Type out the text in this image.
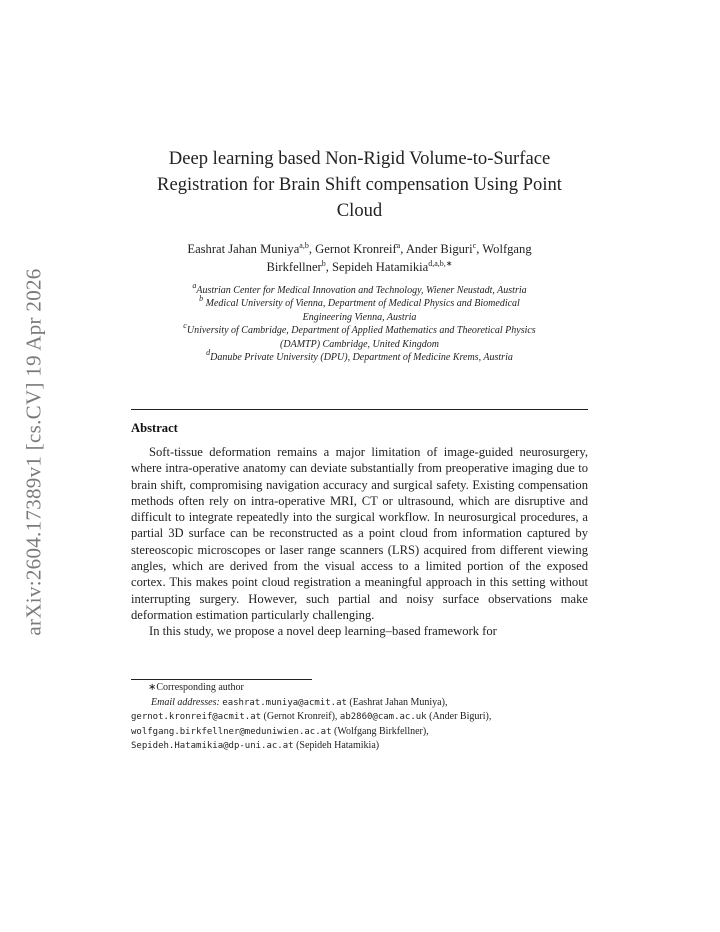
arXiv:2604.17389v1 [cs.CV] 19 Apr 2026
Deep learning based Non-Rigid Volume-to-Surface
Registration for Brain Shift compensation Using Point
Cloud
Eashrat Jahan Muniya$^{a,b}$, Gernot Kronreif$^a$, Ander Biguri$^c$, Wolfgang
Birkfellner$^b$, Sepideh Hatamikia$^{d,a,b,∗}$
$^a$Austrian Center for Medical Innovation and Technology, Wiener Neustadt, Austria
$^b$ Medical University of Vienna, Department of Medical Physics and Biomedical
Engineering Vienna, Austria
$^c$University of Cambridge, Department of Applied Mathematics and Theoretical Physics
(DAMTP) Cambridge, United Kingdom
$^d$Danube Private University (DPU), Department of Medicine Krems, Austria
Abstract

Soft-tissue deformation remains a major limitation of image-guided neurosurgery, where intra-operative anatomy can deviate substantially from preoperative imaging due to brain shift, compromising navigation accuracy and surgical safety. Existing compensation methods often rely on intra-operative MRI, CT or ultrasound, which are disruptive and difficult to integrate repeatedly into the surgical workflow. In neurosurgical procedures, a partial 3D surface can be reconstructed as a point cloud from information captured by stereoscopic microscopes or laser range scanners (LRS) acquired from different viewing angles, which are derived from the visual access to a limited portion of the exposed cortex. This makes point cloud registration a meaningful approach in this setting without interrupting surgery. However, such partial and noisy surface observations make deformation estimation particularly challenging.

In this study, we propose a novel deep learning–based framework for

∗Corresponding author
Email addresses: eashrat.muniya@acmit.at (Eashrat Jahan Muniya),
gernot.kronreif@acmit.at (Gernot Kronreif), ab2860@cam.ac.uk (Ander Biguri),
wolfgang.birkfellner@meduniwien.ac.at (Wolfgang Birkfellner),
Sepideh.Hatamikia@dp-uni.ac.at (Sepideh Hatamikia)
